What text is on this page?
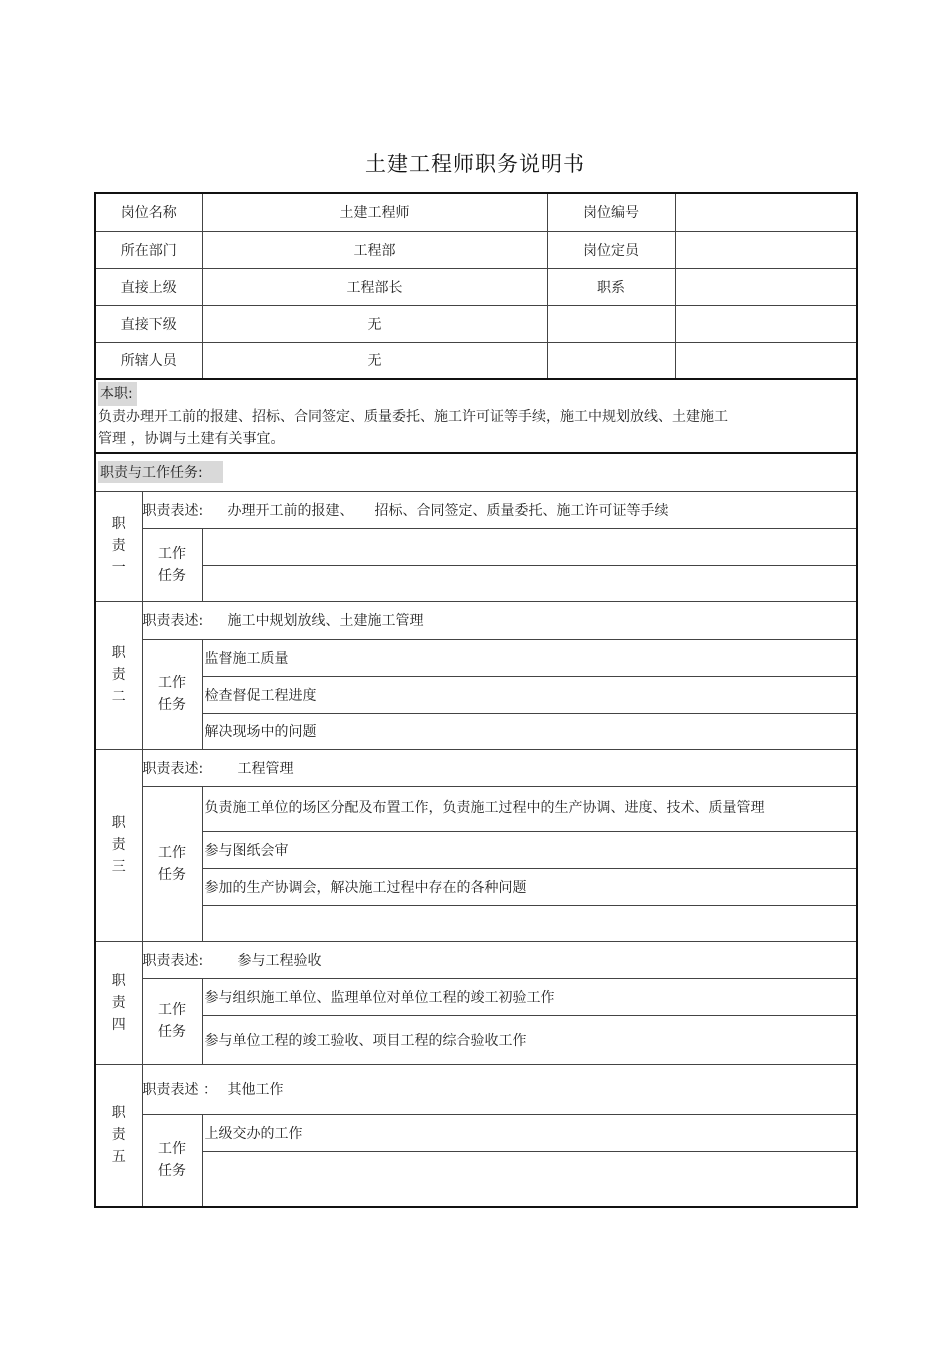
土建工程师职务说明书
岗位名称		土建工程师	岗位编号	
所在部门		工程部	岗位定员	
直接上级		工程部长	职系	
直接下级		无		
所辖人员		无		
本职:
负责办理开工前的报建、招标、合同签定、质量委托、施工许可证等手续，施工中规划放线、土建施工
管理 ，协调与土建有关事宜。				
职责与工作任务:				
职
责
一	职责表述: 办理开工前的报建、　　招标、合同签定、质量委托、施工许可证等手续			
	工作
任务			

职
责
二	职责表述: 施工中规划放线、土建施工管理			
	工作
任务	监督施工质量		
		检查督促工程进度		
		解决现场中的问题		
职
责
三	职责表述: 工程管理			
	工作
任务	负责施工单位的场区分配及布置工作，负责施工过程中的生产协调、进度、技术、质量管理		
		参与图纸会审		
		参加的生产协调会，解决施工过程中存在的各种问题		

职
责
四	职责表述: 参与工程验收			
	工作
任务	参与组织施工单位、监理单位对单位工程的竣工初验工作		
		参与单位工程的竣工验收、项目工程的综合验收工作		
职
责
五	职责表述 ： 其他工作			
	工作
任务	上级交办的工作		
